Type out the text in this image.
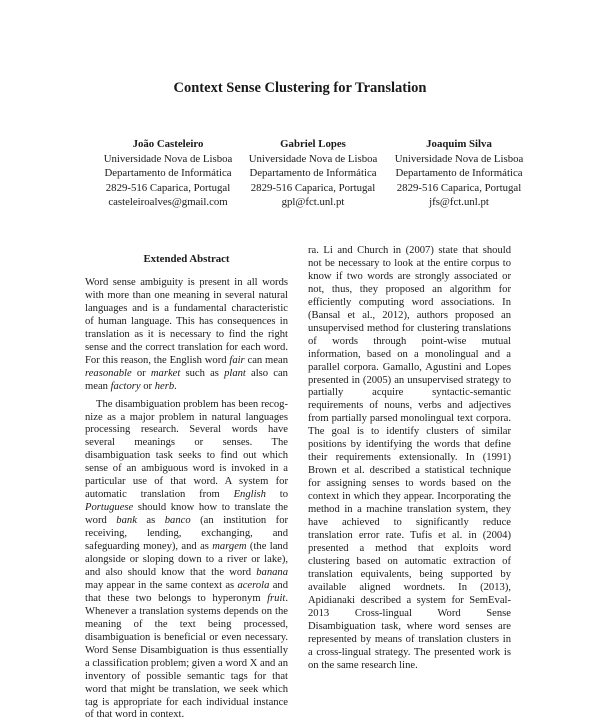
Context Sense Clustering for Translation
João Casteleiro
Universidade Nova de Lisboa
Departamento de Informática
2829-516 Caparica, Portugal
casteleiroalves@gmail.com
Gabriel Lopes
Universidade Nova de Lisboa
Departamento de Informática
2829-516 Caparica, Portugal
gpl@fct.unl.pt
Joaquim Silva
Universidade Nova de Lisboa
Departamento de Informática
2829-516 Caparica, Portugal
jfs@fct.unl.pt
Extended Abstract

Word sense ambiguity is present in all words with more than one meaning in several natural languages and is a fundamental characteristic of human language. This has consequences in translation as it is necessary to find the right sense and the correct translation for each word. For this reason, the English word fair can mean reasonable or market such as plant also can mean factory or herb.

The disambiguation problem has been recognize as a major problem in natural languages processing research. Several words have several meanings or senses. The disambiguation task seeks to find out which sense of an ambiguous word is invoked in a particular use of that word. A system for automatic translation from English to Portuguese should know how to translate the word bank as banco (an institution for receiving, lending, exchanging, and safeguarding money), and as margem (the land alongside or sloping down to a river or lake), and also should know that the word banana may appear in the same context as acerola and that these two belongs to hyperonym fruit. Whenever a translation systems depends on the meaning of the text being processed, disambiguation is beneficial or even necessary. Word Sense Disambiguation is thus essentially a classification problem; given a word X and an inventory of possible semantic tags for that word that might be translation, we seek which tag is appropriate for each individual instance of that word in context.

ra. Li and Church in (2007) state that should not be necessary to look at the entire corpus to know if two words are strongly associated or not, thus, they proposed an algorithm for efficiently computing word associations. In (Bansal et al., 2012), authors proposed an unsupervised method for clustering translations of words through point-wise mutual information, based on a monolingual and a parallel corpora. Gamallo, Agustini and Lopes presented in (2005) an unsupervised strategy to partially acquire syntactic-semantic requirements of nouns, verbs and adjectives from partially parsed monolingual text corpora. The goal is to identify clusters of similar positions by identifying the words that define their requirements extensionally. In (1991) Brown et al. described a statistical technique for assigning senses to words based on the context in which they appear. Incorporating the method in a machine translation system, they have achieved to significantly reduce translation error rate. Tufis et al. in (2004) presented a method that exploits word clustering based on automatic extraction of translation equivalents, being supported by available aligned wordnets. In (2013), Apidianaki described a system for SemEval-2013 Cross-lingual Word Sense Disambiguation task, where word senses are represented by means of translation clusters in a cross-lingual strategy. The presented work is on the same research line.
